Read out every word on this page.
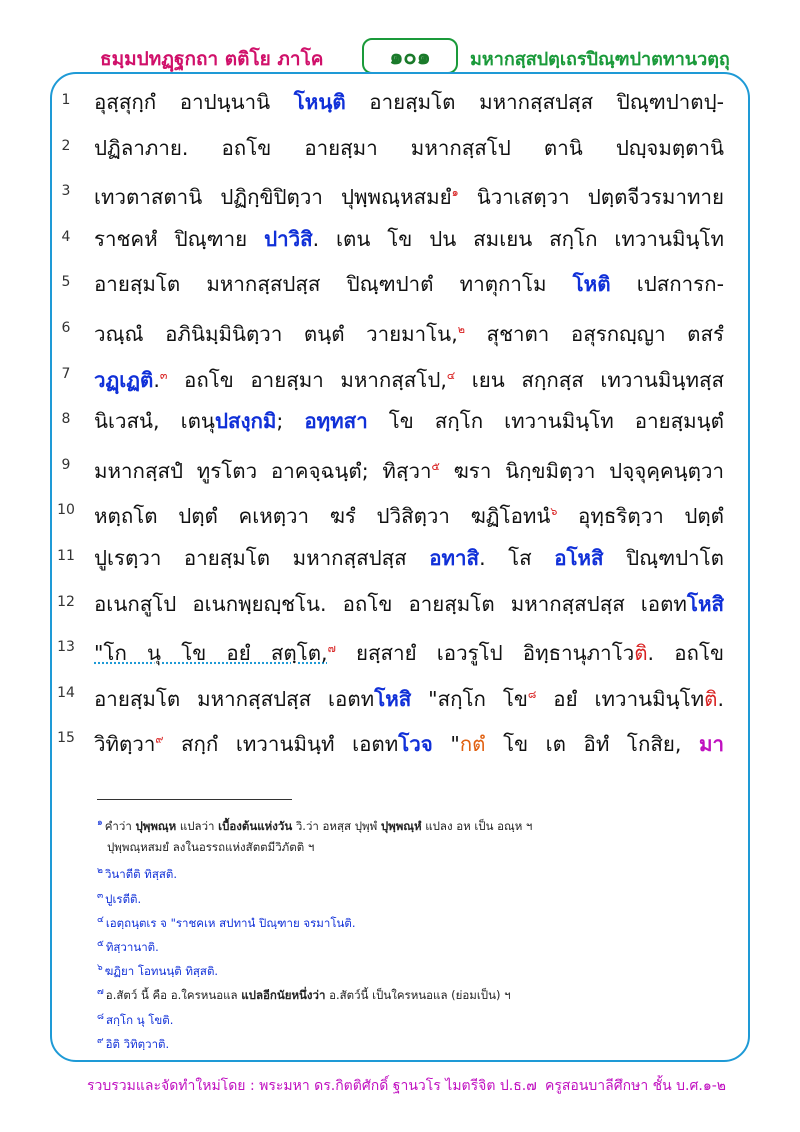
ธมฺมปทฏฺฐกถา ตติโย ภาโค	๑๐๑ มหากสฺสปตฺเถรปิณฺฑปาตทานวตฺถุ
1	อุสฺสุกฺกํ อาปนฺนานิ โหนฺติ อายสฺมโต มหากสฺสปสฺส ปิณฺฑปาตปฺ-
2	ปฏิลาภาย. อถโข อายสฺมา มหากสฺสโป ตานิ ปญฺจมตฺตานิ
3	เทวตาสตานิ ปฏิกฺขิปิตฺวา ปุพฺพณฺหสมยํ$^๑$ นิวาเสตฺวา ปตฺตจีวรมาทาย
4	ราชคหํ ปิณฺฑาย ปาวิสิ. เตน โข ปน สมเยน สกฺโก เทวานมินฺโท
5	อายสฺมโต มหากสฺสปสฺส ปิณฺฑปาตํ ทาตุกาโม โหติ เปสการก-
6	วณฺณํ อภินิมฺมินิตฺวา ตนฺตํ วายมาโน,$^๒$ สุชาตา อสุรกญฺญา ตสรํ
7	วฏฺเฏติ.$^๓$ อถโข อายสฺมา มหากสฺสโป,$^๔$ เยน สกฺกสฺส เทวานมินฺทสฺส
8	นิเวสนํ, เตนุปสงฺกมิ; อทฺทสา โข สกฺโก เทวานมินฺโท อายสฺมนฺตํ
9	มหากสฺสปํ ทูรโตว อาคจฺฉนฺตํ; ทิสฺวา$^๕$ ฆรา นิกฺขมิตฺวา ปจฺจุคฺคนฺตฺวา
10 หตฺถโต ปตฺตํ คเหตฺวา ฆรํ ปวิสิตฺวา ฆฏิโอทนํ$^๖$ อุทฺธริตฺวา ปตฺตํ
11 ปูเรตฺวา อายสฺมโต มหากสฺสปสฺส อทาสิ. โส อโหสิ ปิณฺฑปาโต
12 อเนกสูโป อเนกพฺยญฺชโน. อถโข อายสฺมโต มหากสฺสปสฺส เอตทโหสิ
13 "โก นุ โข อยํ สตฺโต,$^๗$ ยสฺสายํ เอวรูโป อิทฺธานุภาโวติ. อถโข
14 อายสฺมโต มหากสฺสปสฺส เอตทโหสิ "สกฺโก โข$^๘$ อยํ เทวานมินฺโทติ.
15 วิทิตฺวา$^๙$ สกฺกํ เทวานมินฺทํ เอตทโวจ "กตํ โข เต อิทํ โกสิย, มา
$^๑$ คำว่า ปุพฺพณฺห แปลว่า เบื้องต้นแห่งวัน วิ.ว่า อหสฺส ปุพฺพํ ปุพฺพณฺหํ แปลง อห เป็น อณฺห ฯ
ปุพฺพณฺหสมยํ ลงในอรรถแห่งสัตตมีวิภัตติ ฯ
$^๒$ วินาตีติ ทิสฺสติ.
$^๓$ ปูเรตีติ.
$^๔$ เอตฺถนฺตเร จ "ราชคเห สปทานํ ปิณฺฑาย จรมาโนติ.
$^๕$ ทิสฺวานาติ.
$^๖$ ฆฏิยา โอทนนฺติ ทิสฺสติ.
$^๗$ อ.สัตว์ นี้ คือ อ.ใครหนอแล แปลอีกนัยหนึ่งว่า อ.สัตว์นี้ เป็นใครหนอแล (ย่อมเป็น) ฯ
$^๘$ สกฺโก นุ โขติ.
$^๙$ อิติ วิทิตฺวาติ.
รวบรวมและจัดทำใหม่โดย : พระมหา ดร.กิตติศักดิ์ ฐานวโร ไมตรีจิต ป.ธ.๗ ครูสอนบาลีศึกษา ชั้น บ.ศ.๑-๒
